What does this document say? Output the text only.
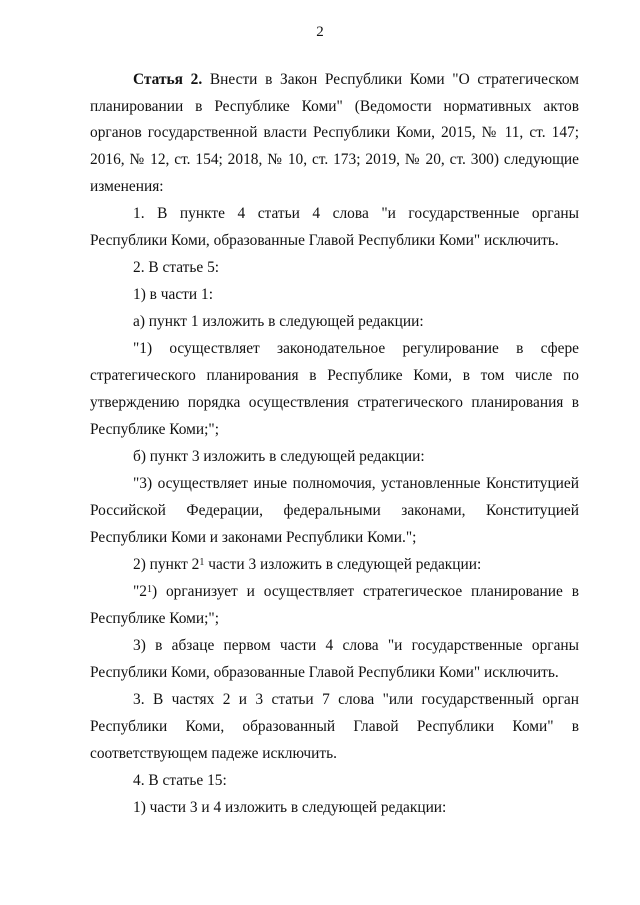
2
Статья 2. Внести в Закон Республики Коми "О стратегическом
планировании в Республике Коми" (Ведомости нормативных актов
органов государственной власти Республики Коми, 2015, № 11, ст. 147;
2016, № 12, ст. 154; 2018, № 10, ст. 173; 2019, № 20, ст. 300) следующие
изменения:
1. В пункте 4 статьи 4 слова "и государственные органы
Республики Коми, образованные Главой Республики Коми" исключить.
2. В статье 5:
1) в части 1:
а) пункт 1 изложить в следующей редакции:
"1) осуществляет законодательное регулирование в сфере
стратегического планирования в Республике Коми, в том числе по
утверждению порядка осуществления стратегического планирования в
Республике Коми;";
б) пункт 3 изложить в следующей редакции:
"3) осуществляет иные полномочия, установленные Конституцией
Российской Федерации, федеральными законами, Конституцией
Республики Коми и законами Республики Коми.";
2) пункт $2^1$ части 3 изложить в следующей редакции:
"$2^1$) организует и осуществляет стратегическое планирование в
Республике Коми;";
3) в абзаце первом части 4 слова "и государственные органы
Республики Коми, образованные Главой Республики Коми" исключить.
3. В частях 2 и 3 статьи 7 слова "или государственный орган
Республики Коми, образованный Главой Республики Коми" в
соответствующем падеже исключить.
4. В статье 15:
1) части 3 и 4 изложить в следующей редакции:
